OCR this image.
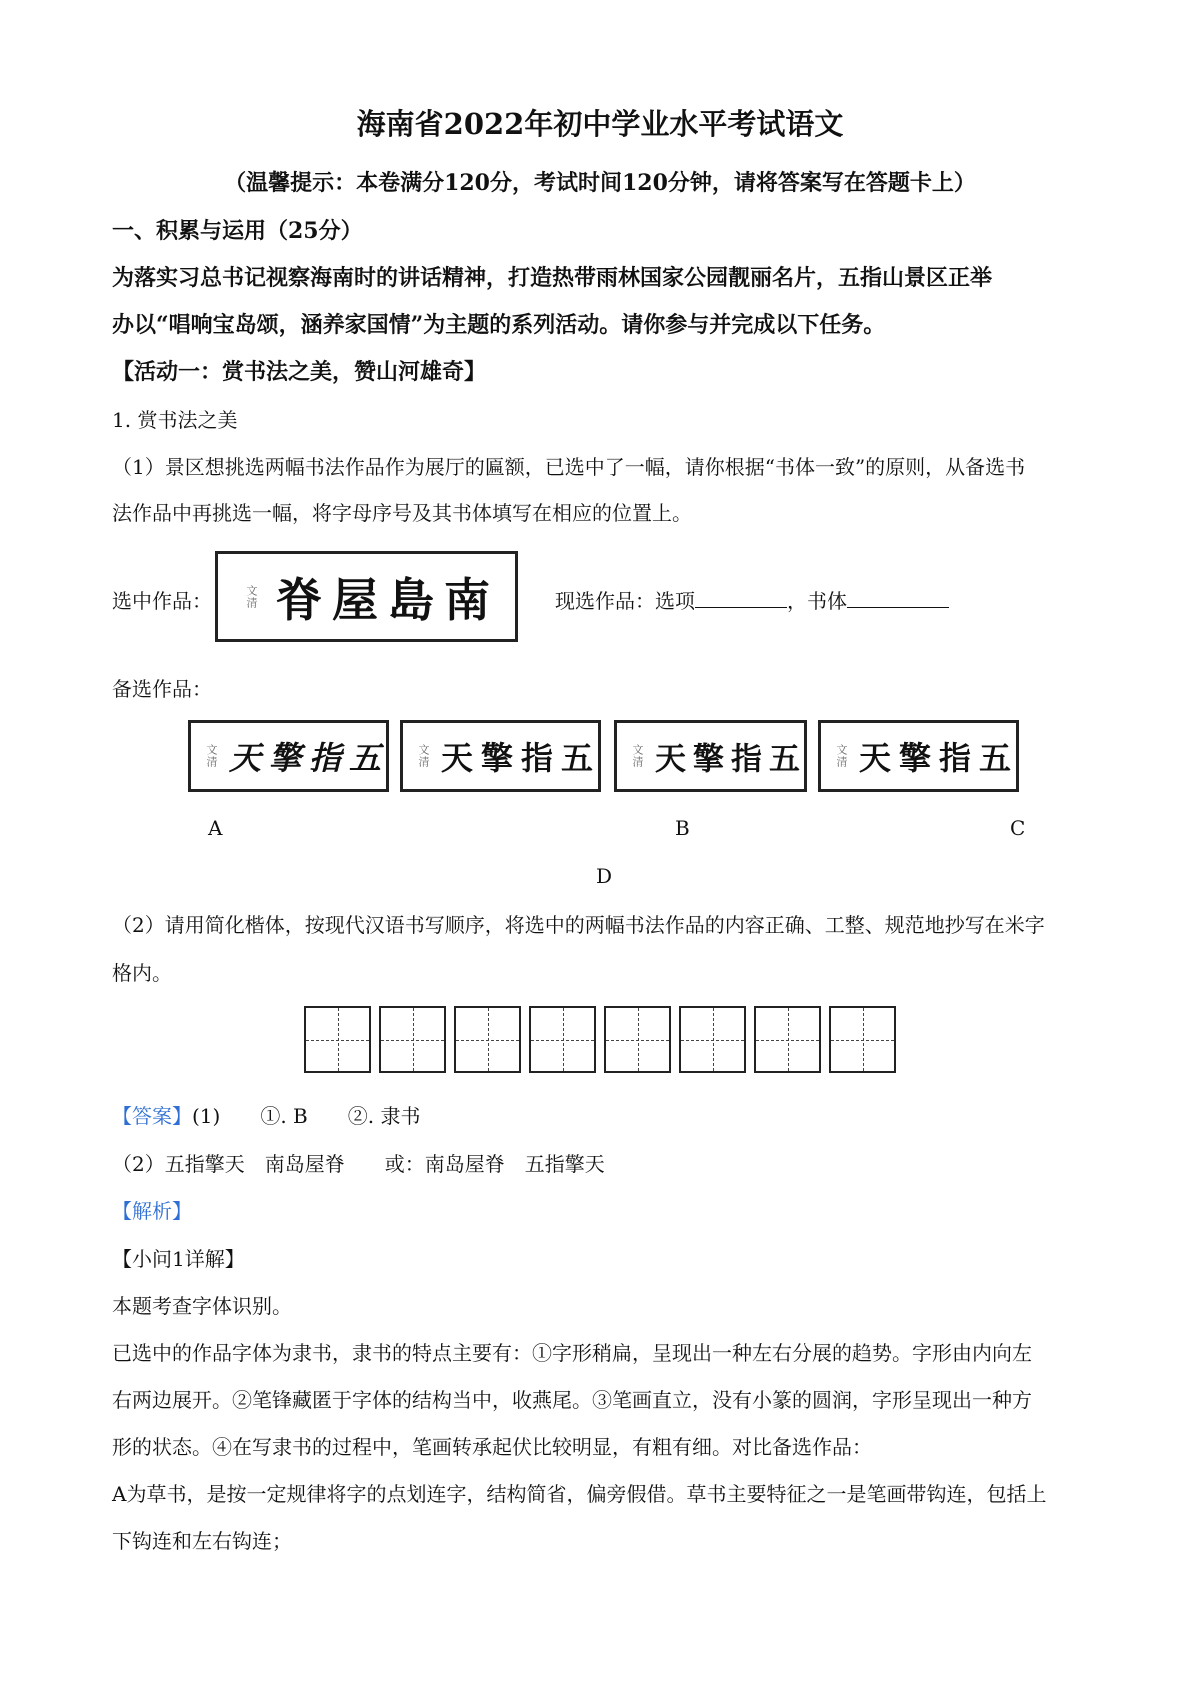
海南省2022年初中学业水平考试语文
（温馨提示：本卷满分120分，考试时间120分钟，请将答案写在答题卡上）
一、积累与运用（25分）
为落实习总书记视察海南时的讲话精神，打造热带雨林国家公园靓丽名片，五指山景区正举
办以“唱响宝岛颂，涵养家国情”为主题的系列活动。请你参与并完成以下任务。
【活动一：赏书法之美，赞山河雄奇】
1. 赏书法之美
（1）景区想挑选两幅书法作品作为展厅的匾额，已选中了一幅，请你根据“书体一致”的原则，从备选书
法作品中再挑选一幅，将字母序号及其书体填写在相应的位置上。
选中作品：	文清 脊屋島南	现选作品：选项	，书体
备选作品：
文清 天擎指五	文清 天擎指五	文清 天擎指五	文清 天擎指五
A	B	C
D
（2）请用简化楷体，按现代汉语书写顺序，将选中的两幅书法作品的内容正确、工整、规范地抄写在米字
格内。
【答案】(1)　　①. B　　②. 隶书
（2）五指擎天　南岛屋脊　　或：南岛屋脊　五指擎天
【解析】
【小问1详解】
本题考查字体识别。
已选中的作品字体为隶书，隶书的特点主要有：①字形稍扁，呈现出一种左右分展的趋势。字形由内向左
右两边展开。②笔锋藏匿于字体的结构当中，收燕尾。③笔画直立，没有小篆的圆润，字形呈现出一种方
形的状态。④在写隶书的过程中，笔画转承起伏比较明显，有粗有细。对比备选作品：
A为草书，是按一定规律将字的点划连字，结构简省，偏旁假借。草书主要特征之一是笔画带钩连，包括上
下钩连和左右钩连；
